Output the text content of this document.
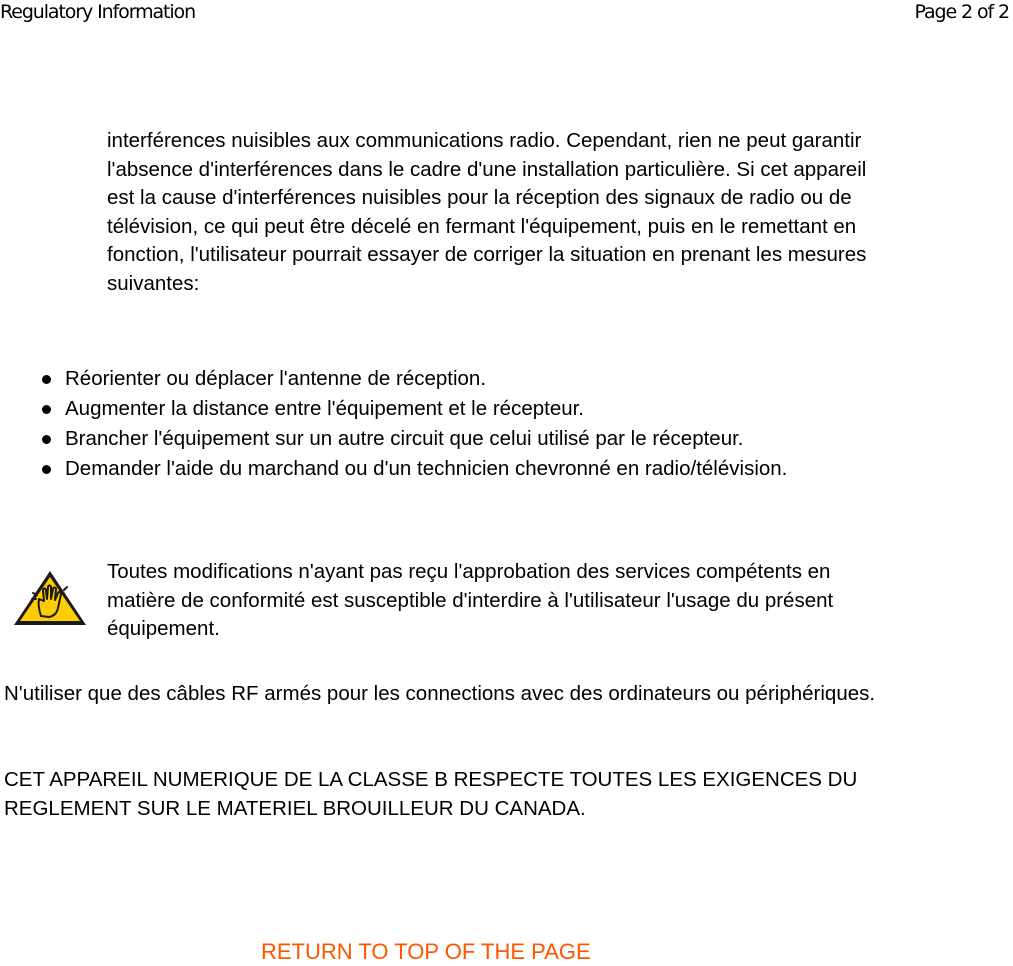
Regulatory Information	Page 2 of 2
interférences nuisibles aux communications radio. Cependant, rien ne peut garantir l'absence d'interférences dans le cadre d'une installation particulière. Si cet appareil est la cause d'interférences nuisibles pour la réception des signaux de radio ou de télévision, ce qui peut être décelé en fermant l'équipement, puis en le remettant en fonction, l'utilisateur pourrait essayer de corriger la situation en prenant les mesures suivantes:
Réorienter ou déplacer l'antenne de réception.
Augmenter la distance entre l'équipement et le récepteur.
Brancher l'équipement sur un autre circuit que celui utilisé par le récepteur.
Demander l'aide du marchand ou d'un technicien chevronné en radio/télévision.
Toutes modifications n'ayant pas reçu l'approbation des services compétents en matière de conformité est susceptible d'interdire à l'utilisateur l'usage du présent équipement.
N'utiliser que des câbles RF armés pour les connections avec des ordinateurs ou périphériques.
CET APPAREIL NUMERIQUE DE LA CLASSE B RESPECTE TOUTES LES EXIGENCES DU REGLEMENT SUR LE MATERIEL BROUILLEUR DU CANADA.
RETURN TO TOP OF THE PAGE
